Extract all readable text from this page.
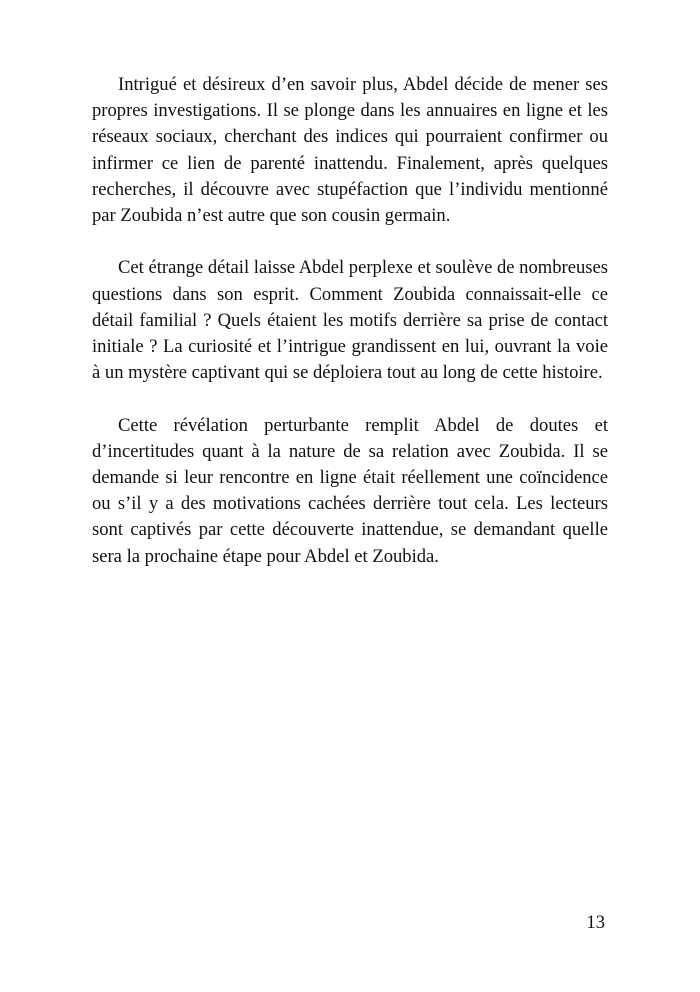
Intrigué et désireux d’en savoir plus, Abdel décide de mener ses propres investigations. Il se plonge dans les annuaires en ligne et les réseaux sociaux, cherchant des indices qui pourraient confirmer ou infirmer ce lien de parenté inattendu. Finalement, après quelques recherches, il découvre avec stupéfaction que l’individu mentionné par Zoubida n’est autre que son cousin germain.

Cet étrange détail laisse Abdel perplexe et soulève de nombreuses questions dans son esprit. Comment Zoubida connaissait-elle ce détail familial ? Quels étaient les motifs derrière sa prise de contact initiale ? La curiosité et l’intrigue grandissent en lui, ouvrant la voie à un mystère captivant qui se déploiera tout au long de cette histoire.

Cette révélation perturbante remplit Abdel de doutes et d’incertitudes quant à la nature de sa relation avec Zoubida. Il se demande si leur rencontre en ligne était réellement une coïncidence ou s’il y a des motivations cachées derrière tout cela. Les lecteurs sont captivés par cette découverte inattendue, se demandant quelle sera la prochaine étape pour Abdel et Zoubida.

13
